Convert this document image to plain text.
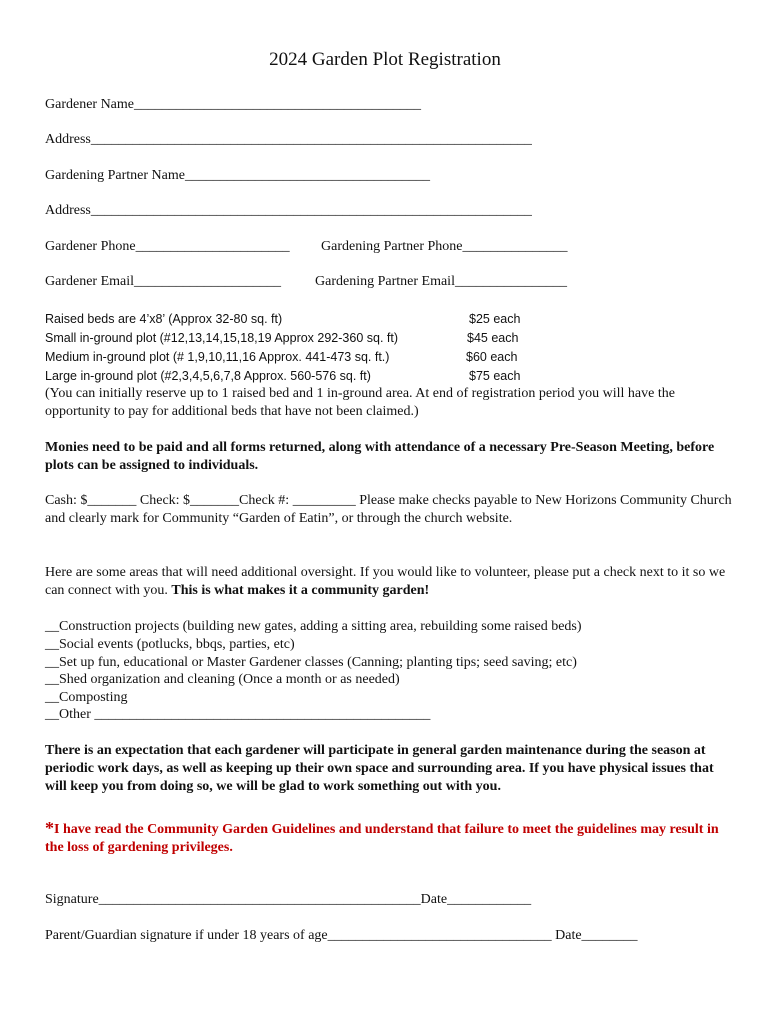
2024 Garden Plot Registration
Gardener Name_________________________________________
Address_______________________________________________________________
Gardening Partner Name___________________________________
Address_______________________________________________________________
Gardener Phone______________________ Gardening Partner Phone_______________
Gardener Email_____________________ Gardening Partner Email________________
Raised beds are 4’x8’ (Approx 32-80 sq. ft)	$25 each
Small in-ground plot (#12,13,14,15,18,19 Approx 292-360 sq. ft)	$45 each
Medium in-ground plot (# 1,9,10,11,16 Approx. 441-473 sq. ft.)	$60 each
Large in-ground plot (#2,3,4,5,6,7,8 Approx. 560-576 sq. ft)	$75 each
(You can initially reserve up to 1 raised bed and 1 in-ground area. At end of registration period you will have the opportunity to pay for additional beds that have not been claimed.)
Monies need to be paid and all forms returned, along with attendance of a necessary Pre-Season Meeting, before plots can be assigned to individuals.
Cash: $_______ Check: $_______Check #: _________ Please make checks payable to New Horizons Community Church and clearly mark for Community “Garden of Eatin”, or through the church website.
Here are some areas that will need additional oversight. If you would like to volunteer, please put a check next to it so we can connect with you. This is what makes it a community garden!
__Construction projects (building new gates, adding a sitting area, rebuilding some raised beds)
__Social events (potlucks, bbqs, parties, etc)
__Set up fun, educational or Master Gardener classes (Canning; planting tips; seed saving; etc)
__Shed organization and cleaning (Once a month or as needed)
__Composting
__Other ________________________________________________
There is an expectation that each gardener will participate in general garden maintenance during the season at periodic work days, as well as keeping up their own space and surrounding area. If you have physical issues that will keep you from doing so, we will be glad to work something out with you.
*I have read the Community Garden Guidelines and understand that failure to meet the guidelines may result in the loss of gardening privileges.
Signature______________________________________________Date____________
Parent/Guardian signature if under 18 years of age________________________________ Date________
